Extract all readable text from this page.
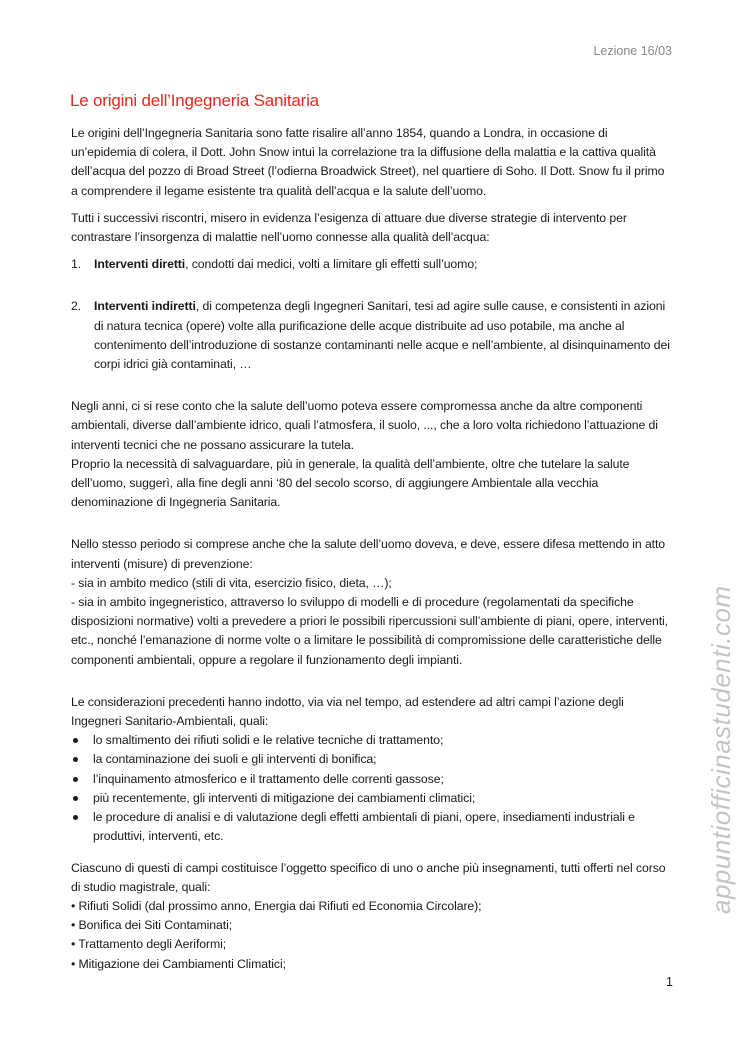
Lezione 16/03
Le origini dell’Ingegneria Sanitaria

Le origini dell’Ingegneria Sanitaria sono fatte risalire all’anno 1854, quando a Londra, in occasione di un’epidemia di colera, il Dott. John Snow intuì la correlazione tra la diffusione della malattia e la cattiva qualità dell’acqua del pozzo di Broad Street (l’odierna Broadwick Street), nel quartiere di Soho. Il Dott. Snow fu il primo a comprendere il legame esistente tra qualità dell’acqua e la salute dell’uomo.

Tutti i successivi riscontri, misero in evidenza l’esigenza di attuare due diverse strategie di intervento per contrastare l’insorgenza di malattie nell’uomo connesse alla qualità dell’acqua:

1. Interventi diretti, condotti dai medici, volti a limitare gli effetti sull’uomo;
2. Interventi indiretti, di competenza degli Ingegneri Sanitari, tesi ad agire sulle cause, e consistenti in azioni di natura tecnica (opere) volte alla purificazione delle acque distribuite ad uso potabile, ma anche al contenimento dell’introduzione di sostanze contaminanti nelle acque e nell’ambiente, al disinquinamento dei corpi idrici già contaminati, …

Negli anni, ci si rese conto che la salute dell’uomo poteva essere compromessa anche da altre componenti ambientali, diverse dall’ambiente idrico, quali l’atmosfera, il suolo, ..., che a loro volta richiedono l’attuazione di interventi tecnici che ne possano assicurare la tutela.

Proprio la necessità di salvaguardare, più in generale, la qualità dell’ambiente, oltre che tutelare la salute dell’uomo, suggerì, alla fine degli anni ‘80 del secolo scorso, di aggiungere Ambientale alla vecchia denominazione di Ingegneria Sanitaria.

Nello stesso periodo si comprese anche che la salute dell’uomo doveva, e deve, essere difesa mettendo in atto interventi (misure) di prevenzione:

- sia in ambito medico (stili di vita, esercizio fisico, dieta, …);

- sia in ambito ingegneristico, attraverso lo sviluppo di modelli e di procedure (regolamentati da specifiche disposizioni normative) volti a prevedere a priori le possibili ripercussioni sull’ambiente di piani, opere, interventi, etc., nonché l’emanazione di norme volte o a limitare le possibilità di compromissione delle caratteristiche delle componenti ambientali, oppure a regolare il funzionamento degli impianti.

Le considerazioni precedenti hanno indotto, via via nel tempo, ad estendere ad altri campi l’azione degli Ingegneri Sanitario-Ambientali, quali:

lo smaltimento dei rifiuti solidi e le relative tecniche di trattamento;
la contaminazione dei suoli e gli interventi di bonifica;
l’inquinamento atmosferico e il trattamento delle correnti gassose;
più recentemente, gli interventi di mitigazione dei cambiamenti climatici;
le procedure di analisi e di valutazione degli effetti ambientali di piani, opere, insediamenti industriali e produttivi, interventi, etc.

Ciascuno di questi di campi costituisce l’oggetto specifico di uno o anche più insegnamenti, tutti offerti nel corso di studio magistrale, quali:

• Rifiuti Solidi (dal prossimo anno, Energia dai Rifiuti ed Economia Circolare);
• Bonifica dei Siti Contaminati;
• Trattamento degli Aeriformi;
• Mitigazione dei Cambiamenti Climatici;
appuntiofficinastudenti.com
1
